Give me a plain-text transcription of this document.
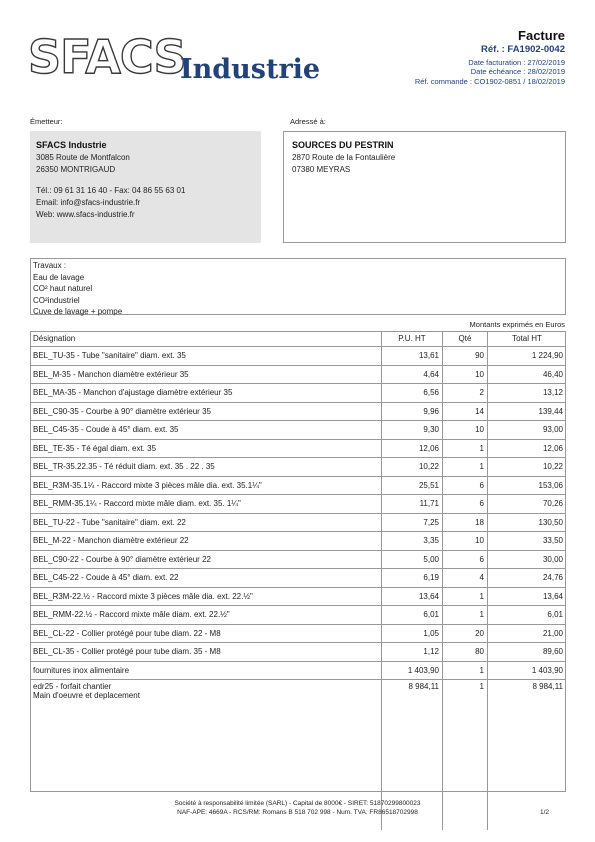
SFACS
Industrie
Facture
Réf. : FA1902-0042
Date facturation : 27/02/2019
Date échéance : 28/02/2019
Réf. commande : CO1902-0851 / 18/02/2019
Émetteur:
SFACS Industrie
3085 Route de Montfalcon
26350 MONTRIGAUD
Tél.: 09 61 31 16 40 - Fax: 04 86 55 63 01
Email: info@sfacs-industrie.fr
Web: www.sfacs-industrie.fr
Adressé à:
SOURCES DU PESTRIN
2870 Route de la Fontaulière
07380 MEYRAS
Travaux :
Eau de lavage
CO² haut naturel
CO²industriel
Cuve de lavage + pompe
Montants exprimés en Euros
Désignation	P.U. HT	Qté	Total HT
BEL_TU-35 - Tube "sanitaire" diam. ext. 35	13,61	90	1 224,90
BEL_M-35 - Manchon diamètre extérieur 35	4,64	10	46,40
BEL_MA-35 - Manchon d'ajustage diamètre extérieur 35	6,56	2	13,12
BEL_C90-35 - Courbe à 90° diamètre extérieur 35	9,96	14	139,44
BEL_C45-35 - Coude à 45° diam. ext. 35	9,30	10	93,00
BEL_TE-35 - Té égal diam. ext. 35	12,06	1	12,06
BEL_TR-35.22.35 - Té réduit diam. ext. 35 . 22 . 35	10,22	1	10,22
BEL_R3M-35.1¼ - Raccord mixte 3 pièces mâle dia. ext. 35.1¼"	25,51	6	153,06
BEL_RMM-35.1¼ - Raccord mixte mâle diam. ext. 35. 1¼"	11,71	6	70,26
BEL_TU-22 - Tube "sanitaire" diam. ext. 22	7,25	18	130,50
BEL_M-22 - Manchon diamètre extérieur 22	3,35	10	33,50
BEL_C90-22 - Courbe à 90° diamètre extérieur 22	5,00	6	30,00
BEL_C45-22 - Coude à 45° diam. ext. 22	6,19	4	24,76
BEL_R3M-22.½ - Raccord mixte 3 pièces mâle dia. ext. 22.½"	13,64	1	13,64
BEL_RMM-22.½ - Raccord mixte mâle diam. ext. 22.½"	6,01	1	6,01
BEL_CL-22 - Collier protégé pour tube diam. 22 - M8	1,05	20	21,00
BEL_CL-35 - Collier protégé pour tube diam. 35 - M8	1,12	80	89,60
fournitures inox alimentaire	1 403,90	1	1 403,90

edr25 - forfait chantier
Main d'oeuvre et deplacement	8 984,11	1	8 984,11
Société à responsabilité limitée (SARL) - Capital de 8000€ - SIRET: 51870299800023
NAF-APE: 4669A - RCS/RM: Romans B 518 702 998 - Num. TVA: FR86518702998	1/2
